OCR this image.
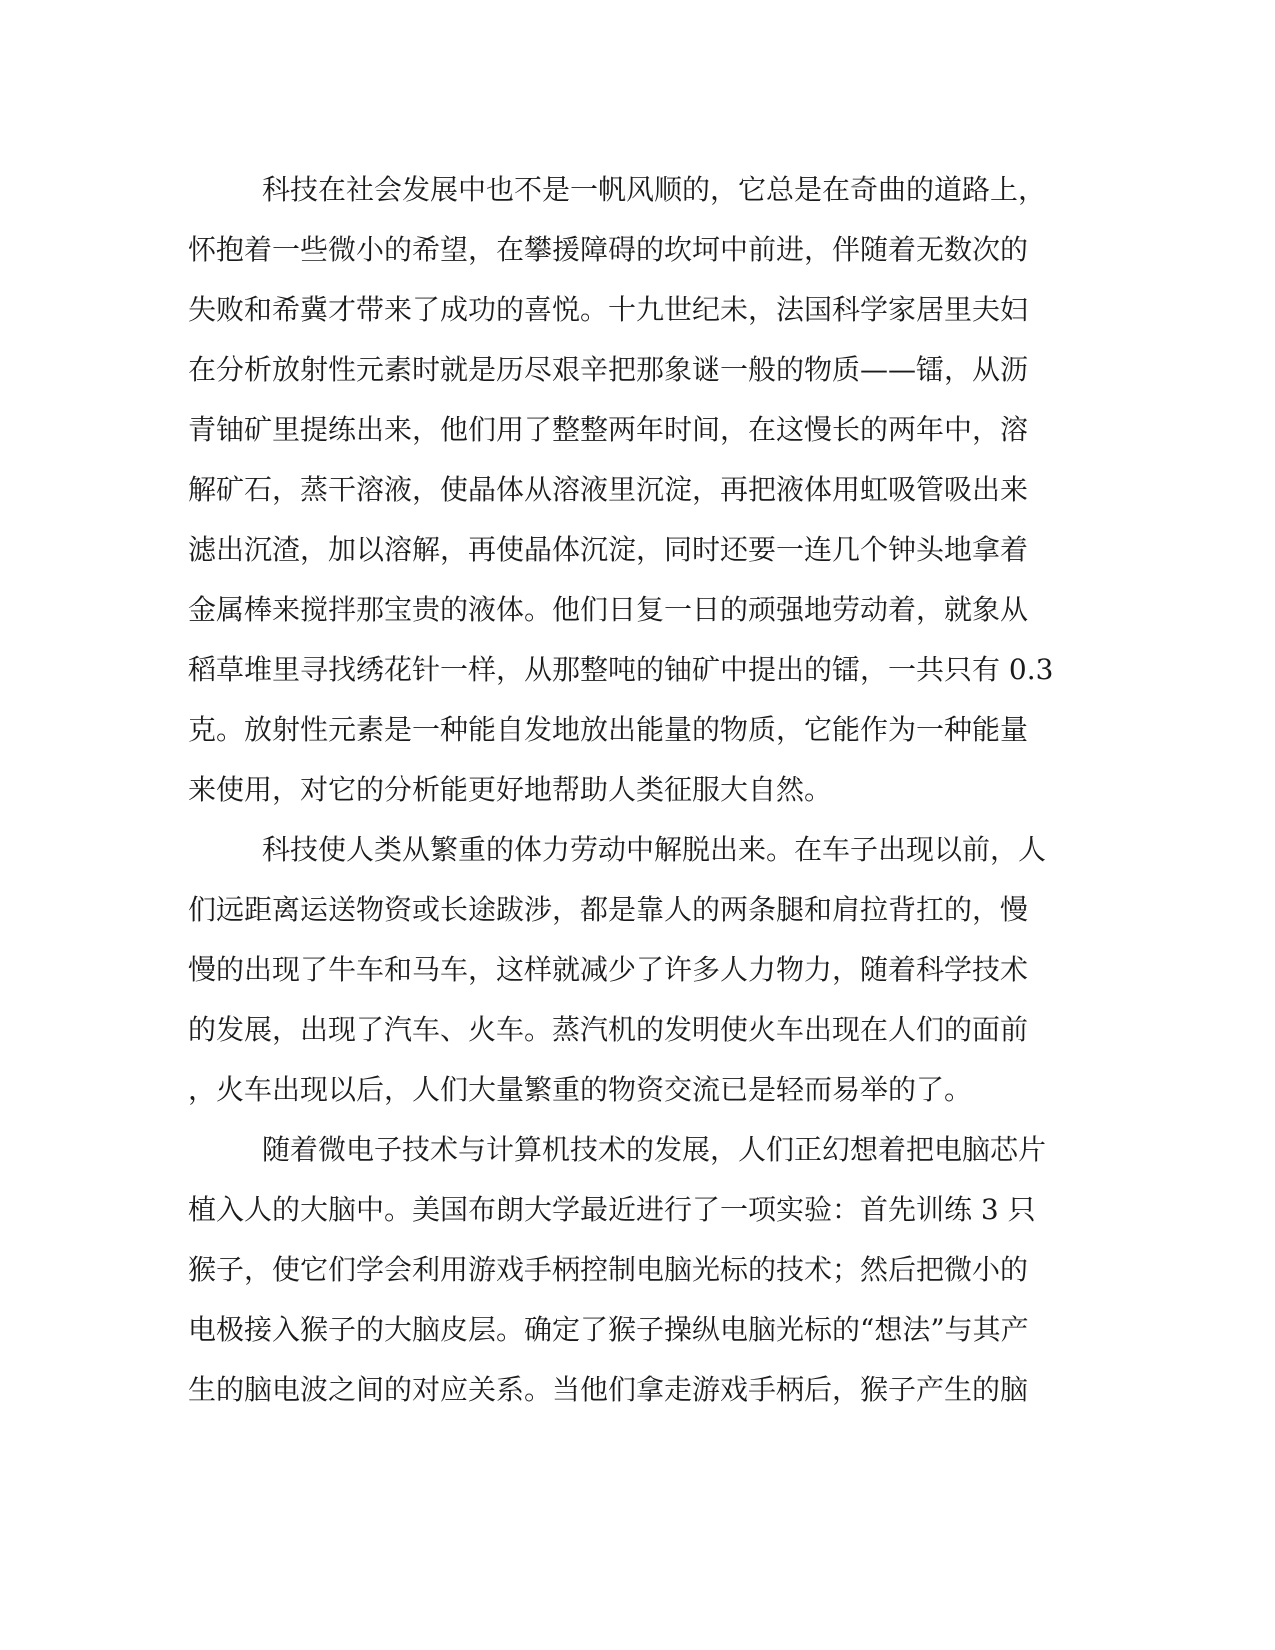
科技在社会发展中也不是一帆风顺的，它总是在奇曲的道路上，
怀抱着一些微小的希望，在攀援障碍的坎坷中前进，伴随着无数次的
失败和希冀才带来了成功的喜悦。十九世纪未，法国科学家居里夫妇
在分析放射性元素时就是历尽艰辛把那象谜一般的物质——镭，从沥
青铀矿里提练出来，他们用了整整两年时间，在这慢长的两年中，溶
解矿石，蒸干溶液，使晶体从溶液里沉淀，再把液体用虹吸管吸出来
滤出沉渣，加以溶解，再使晶体沉淀，同时还要一连几个钟头地拿着
金属棒来搅拌那宝贵的液体。他们日复一日的顽强地劳动着，就象从
稻草堆里寻找绣花针一样，从那整吨的铀矿中提出的镭，一共只有 0.3
克。放射性元素是一种能自发地放出能量的物质，它能作为一种能量
来使用，对它的分析能更好地帮助人类征服大自然。
科技使人类从繁重的体力劳动中解脱出来。在车子出现以前，人
们远距离运送物资或长途跋涉，都是靠人的两条腿和肩拉背扛的，慢
慢的出现了牛车和马车，这样就减少了许多人力物力，随着科学技术
的发展，出现了汽车、火车。蒸汽机的发明使火车出现在人们的面前
，火车出现以后，人们大量繁重的物资交流已是轻而易举的了。
随着微电子技术与计算机技术的发展，人们正幻想着把电脑芯片
植入人的大脑中。美国布朗大学最近进行了一项实验：首先训练 3 只
猴子，使它们学会利用游戏手柄控制电脑光标的技术；然后把微小的
电极接入猴子的大脑皮层。确定了猴子操纵电脑光标的“想法”与其产
生的脑电波之间的对应关系。当他们拿走游戏手柄后，猴子产生的脑
